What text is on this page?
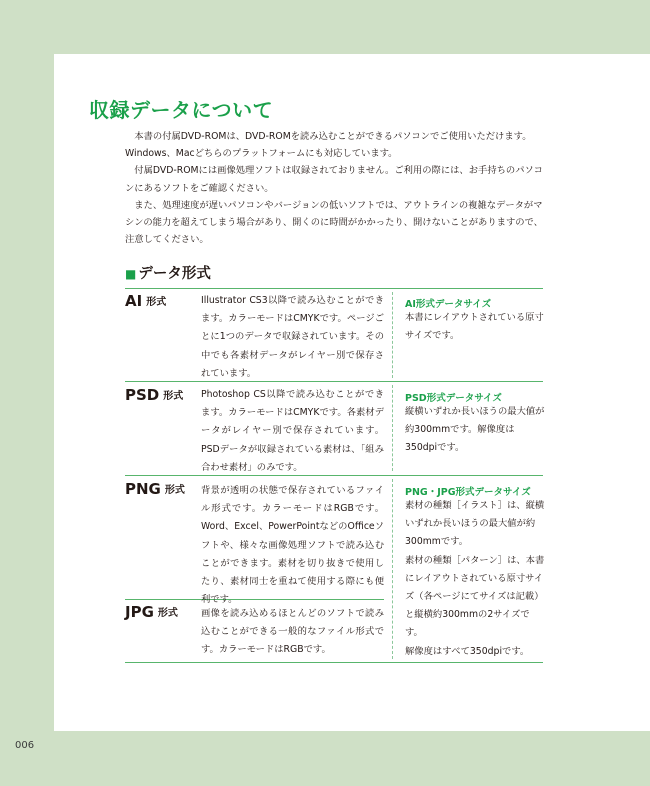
006
収録データについて

本書の付属DVD-ROMは、DVD-ROMを読み込むことができるパソコンでご使用いただけます。Windows、Macどちらのプラットフォームにも対応しています。

付属DVD-ROMには画像処理ソフトは収録されておりません。ご利用の際には、お手持ちのパソコンにあるソフトをご確認ください。

また、処理速度が遅いパソコンやバージョンの低いソフトでは、アウトラインの複雑なデータがマシンの能力を超えてしまう場合があり、開くのに時間がかかったり、開けないことがありますので、注意してください。

■ データ形式
AI 形式	Illustrator CS3以降で読み込むことができます。カラーモードはCMYKです。ページごとに1つのデータで収録されています。その中でも各素材データがレイヤー別で保存されています。
AI形式データサイズ

本書にレイアウトされている原寸サイズです。

PSD 形式 Photoshop CS以降で読み込むことができます。カラーモードはCMYKです。各素材データがレイヤー別で保存されています。PSDデータが収録されている素材は、「組み合わせ素材」のみです。
PSD形式データサイズ

縦横いずれか長いほうの最大値が約300mmです。解像度は350dpiです。

PNG 形式 背景が透明の状態で保存されているファイル形式です。カラーモードはRGBです。Word、Excel、PowerPointなどのOfficeソフトや、様々な画像処理ソフトで読み込むことができます。素材を切り抜きで使用したり、素材同士を重ねて使用する際にも便利です。
PNG・JPG形式データサイズ

素材の種類［イラスト］は、縦横いずれか長いほうの最大値が約300mmです。

素材の種類［パターン］は、本書にレイアウトされている原寸サイズ（各ページにてサイズは記載）と縦横約300mmの2サイズです。

解像度はすべて350dpiです。

JPG 形式 画像を読み込めるほとんどのソフトで読み込むことができる一般的なファイル形式です。カラーモードはRGBです。
